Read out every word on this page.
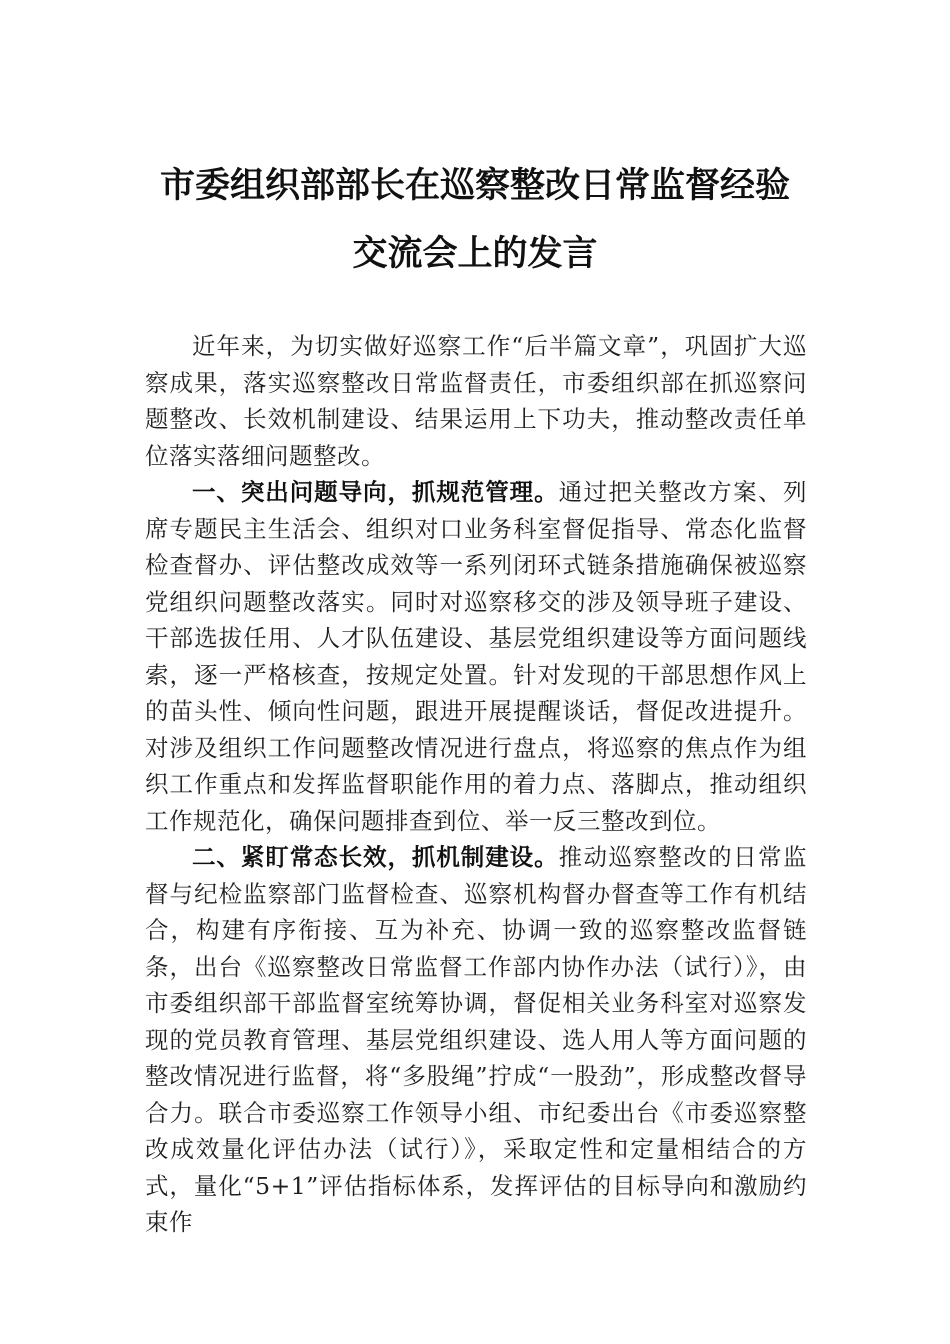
市委组织部部长在巡察整改日常监督经验
交流会上的发言

近年来，为切实做好巡察工作“后半篇文章”，巩固扩大巡察成果，落实巡察整改日常监督责任，市委组织部在抓巡察问题整改、长效机制建设、结果运用上下功夫，推动整改责任单位落实落细问题整改。

一、突出问题导向，抓规范管理。通过把关整改方案、列席专题民主生活会、组织对口业务科室督促指导、常态化监督检查督办、评估整改成效等一系列闭环式链条措施确保被巡察党组织问题整改落实。同时对巡察移交的涉及领导班子建设、干部选拔任用、人才队伍建设、基层党组织建设等方面问题线索，逐一严格核查，按规定处置。针对发现的干部思想作风上的苗头性、倾向性问题，跟进开展提醒谈话，督促改进提升。对涉及组织工作问题整改情况进行盘点，将巡察的焦点作为组织工作重点和发挥监督职能作用的着力点、落脚点，推动组织工作规范化，确保问题排查到位、举一反三整改到位。

二、紧盯常态长效，抓机制建设。推动巡察整改的日常监督与纪检监察部门监督检查、巡察机构督办督查等工作有机结合，构建有序衔接、互为补充、协调一致的巡察整改监督链条，出台《巡察整改日常监督工作部内协作办法（试行）》，由市委组织部干部监督室统筹协调，督促相关业务科室对巡察发现的党员教育管理、基层党组织建设、选人用人等方面问题的整改情况进行监督，将“多股绳”拧成“一股劲”，形成整改督导合力。联合市委巡察工作领导小组、市纪委出台《市委巡察整改成效量化评估办法（试行）》，采取定性和定量相结合的方式，量化“5+1”评估指标体系，发挥评估的目标导向和激励约束作
